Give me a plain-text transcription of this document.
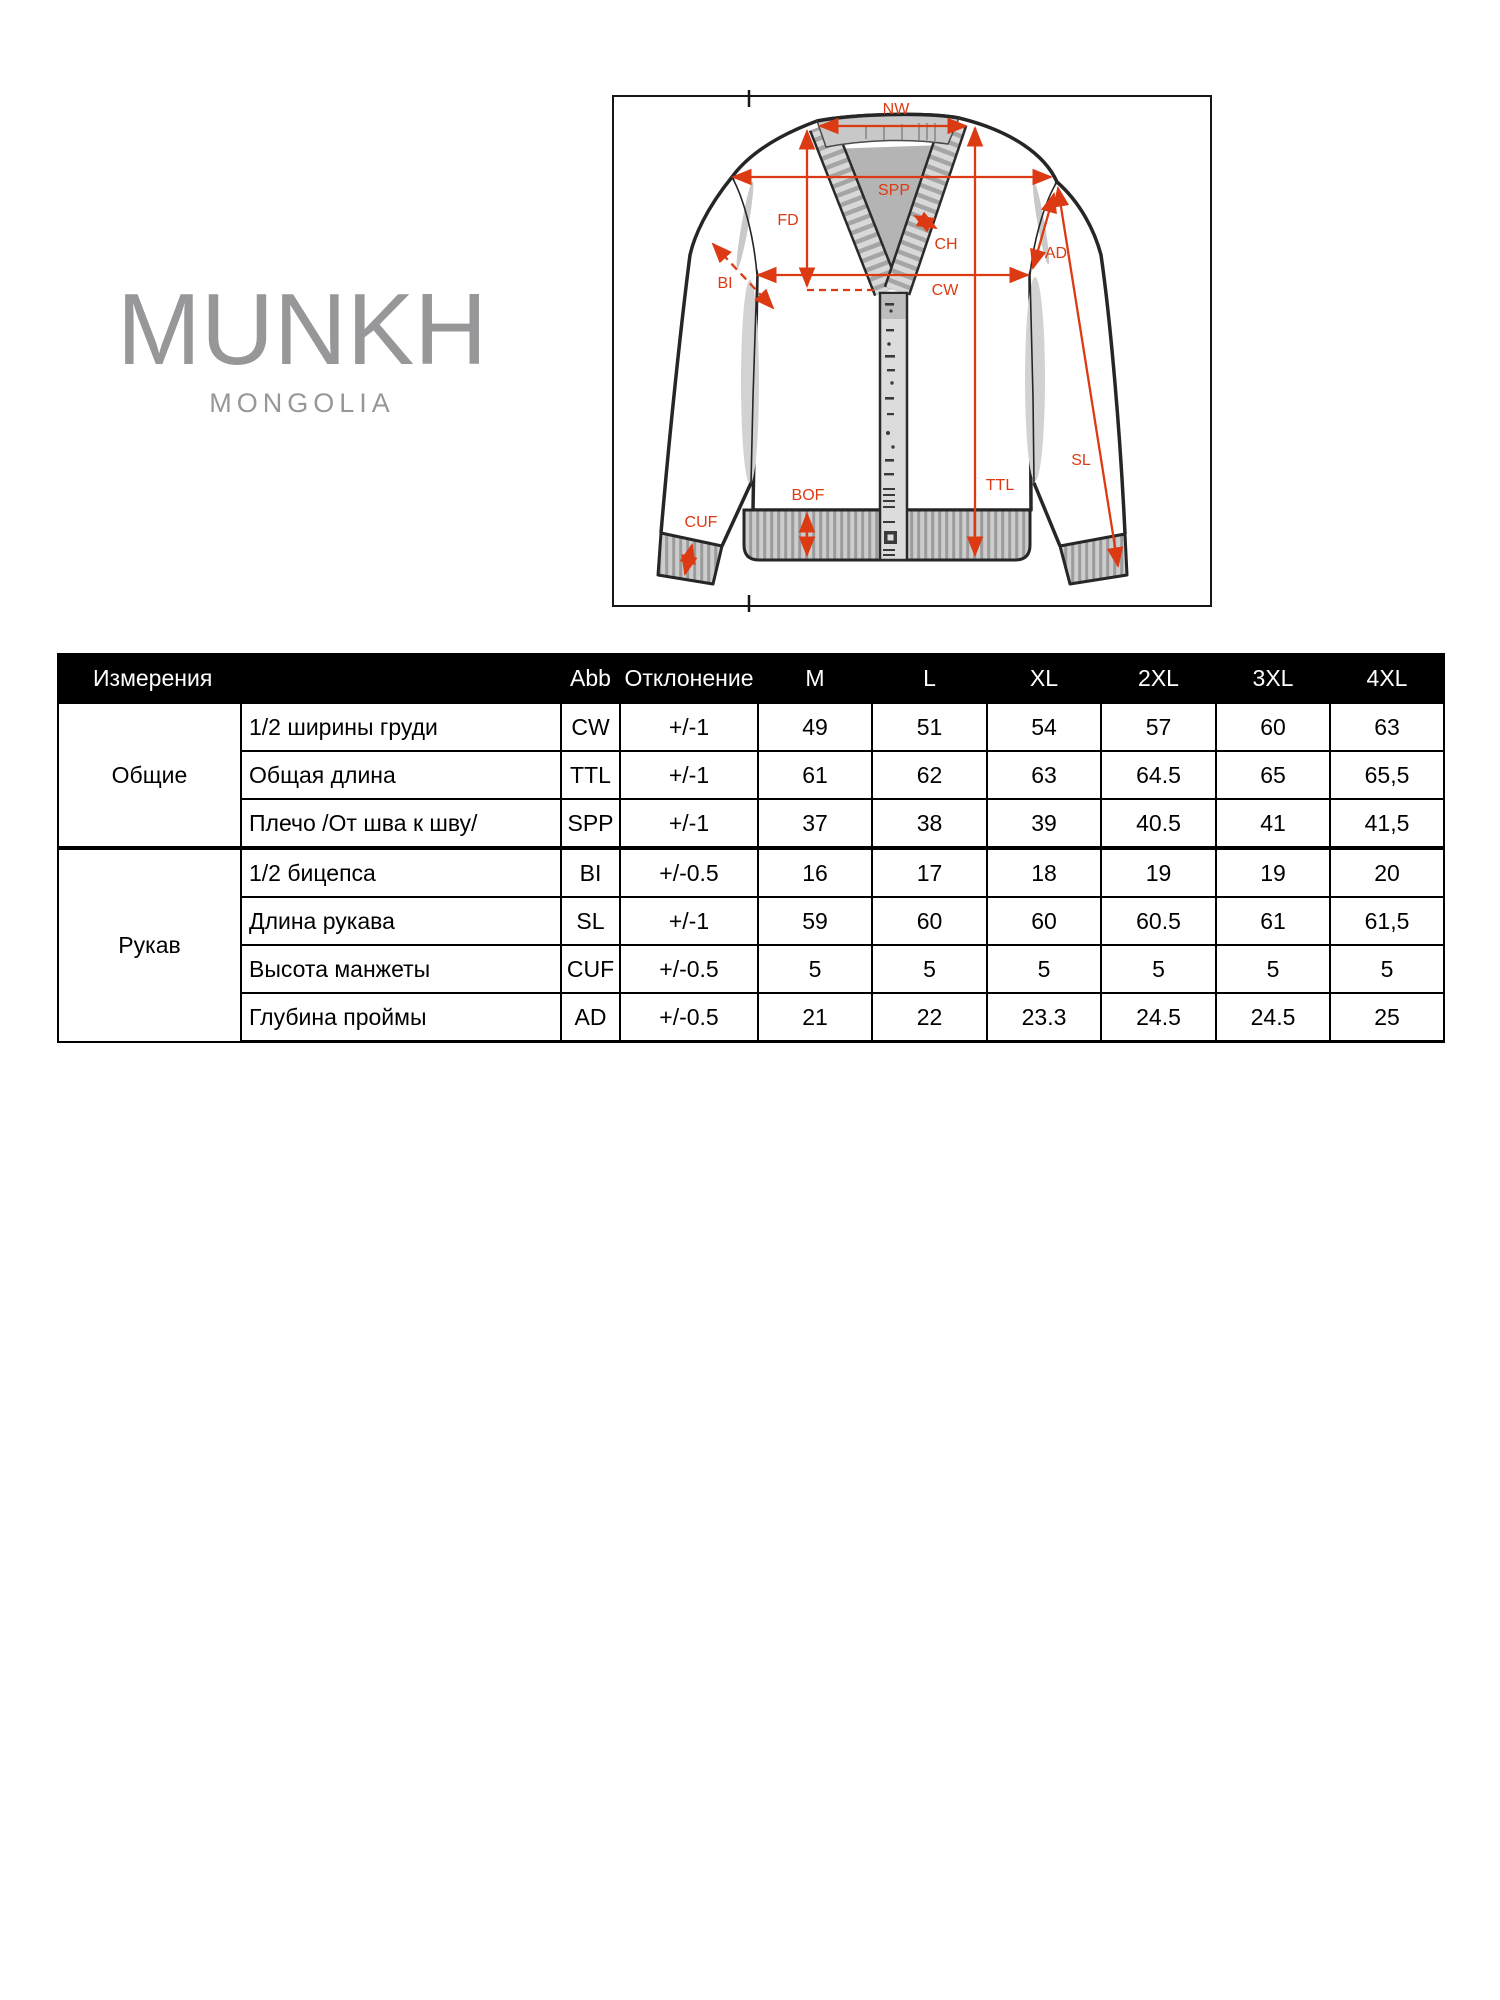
MUNKH
MONGOLIA
NW
SPP
FD
CH
BI	CW
AD
TTL
SL
BOF
CUF
Измерения		Abb	Отклонение	M	L	XL	2XL	3XL	4XL
Общие	1/2 ширины груди	CW	+/-1	49	51	54	57	60	63
	Общая длина	TTL	+/-1	61	62	63	64.5	65	65,5
	Плечо /От шва к шву/	SPP	+/-1	37	38	39	40.5	41	41,5
Рукав	1/2 бицепса	BI	+/-0.5	16	17	18	19	19	20
	Длина рукава	SL	+/-1	59	60	60	60.5	61	61,5
	Высота манжеты	CUF	+/-0.5	5	5	5	5	5	5
	Глубина проймы	AD	+/-0.5	21	22	23.3	24.5	24.5	25
